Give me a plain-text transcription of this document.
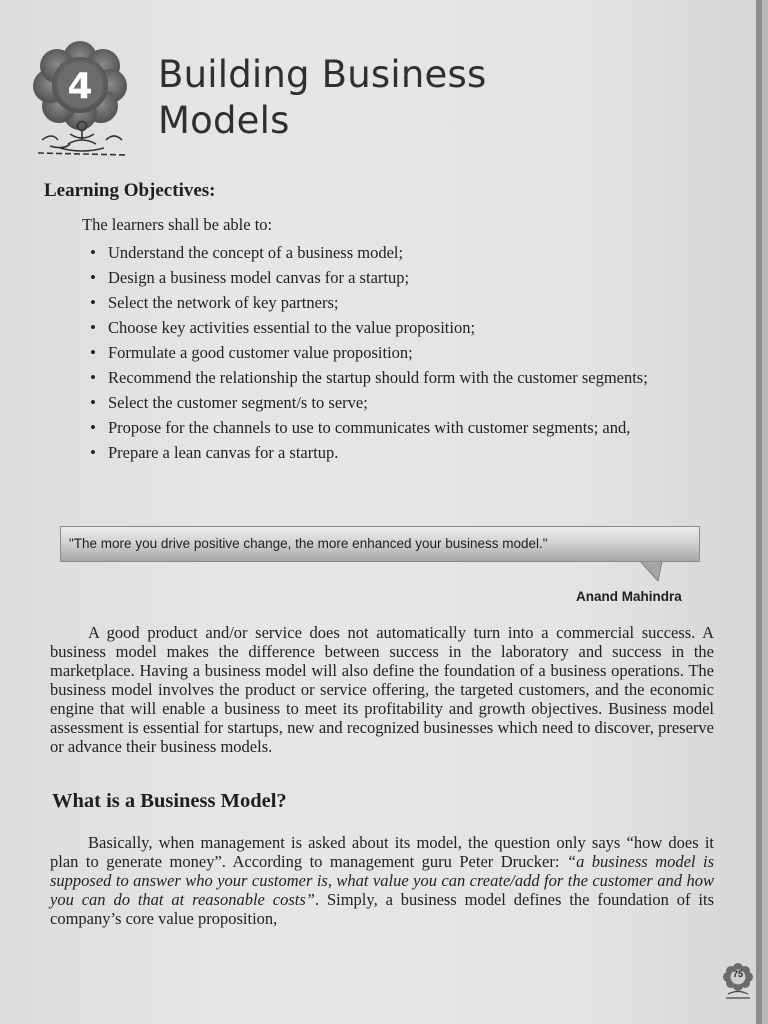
4 Building Business
Models
Learning Objectives:

The learners shall be able to:

• Understand the concept of a business model;
• Design a business model canvas for a startup;
• Select the network of key partners;
• Choose key activities essential to the value proposition;
• Formulate a good customer value proposition;
• Recommend the relationship the startup should form with the customer segments;
• Select the customer segment/s to serve;
• Propose for the channels to use to communicates with customer segments; and,
• Prepare a lean canvas for a startup.
"The more you drive positive change, the more enhanced your business model."
Anand Mahindra

A good product and/or service does not automatically turn into a commercial success. A business model makes the difference between success in the laboratory and success in the marketplace. Having a business model will also define the foundation of a business operations. The business model involves the product or service offering, the targeted customers, and the economic engine that will enable a business to meet its profitability and growth objectives. Business model assessment is essential for startups, new and recognized businesses which need to discover, preserve or advance their business models.

What is a Business Model?

Basically, when management is asked about its model, the question only says “how does it plan to generate money”. According to management guru Peter Drucker: “a business model is supposed to answer who your customer is, what value you can create/add for the customer and how you can do that at reasonable costs”. Simply, a business model defines the foundation of its company’s core value proposition,

75
